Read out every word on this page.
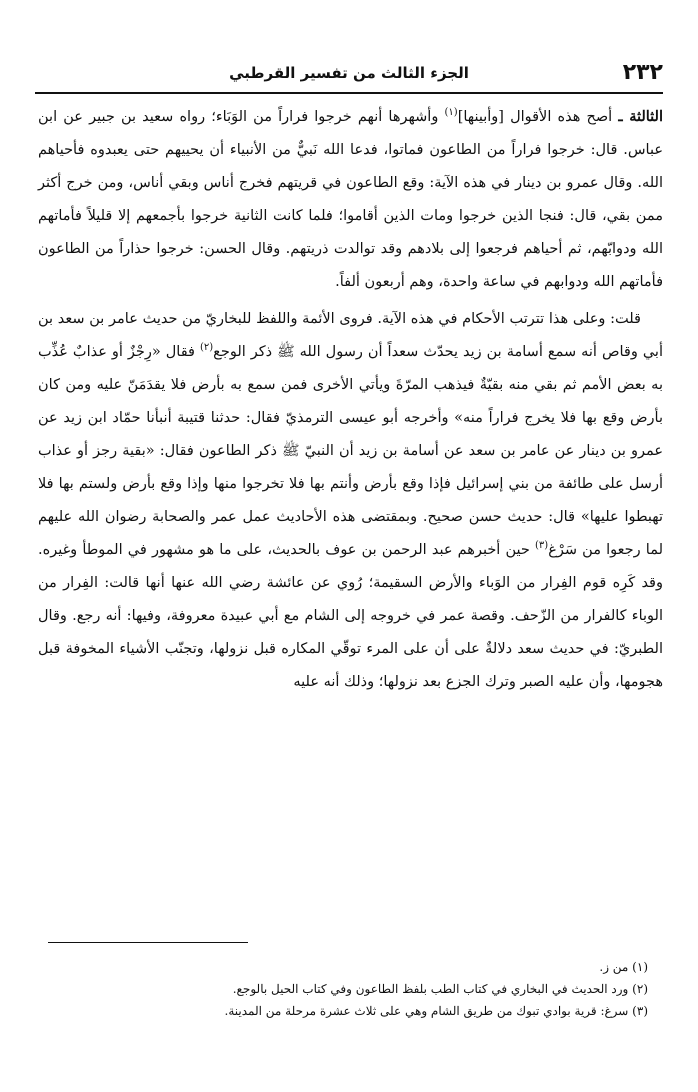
٢٣٢
الجزء الثالث من تفسير القرطبي

الثالثة ـ أصح هذه الأقوال [وأبينها]$^{(١)}$ وأشهرها أنهم خرجوا فراراً من الوَبَاء؛ رواه سعيد بن جبير عن ابن عباس. قال: خرجوا فراراً من الطاعون فماتوا، فدعا الله نَبيٌّ من الأنبياء أن يحييهم حتى يعبدوه فأحياهم الله. وقال عمرو بن دينار في هذه الآية: وقع الطاعون في قريتهم فخرج أناس وبقي أناس، ومن خرج أكثر ممن بقي، قال: فنجا الذين خرجوا ومات الذين أقاموا؛ فلما كانت الثانية خرجوا بأجمعهم إلا قليلاً فأماتهم الله ودوابّهم، ثم أحياهم فرجعوا إلى بلادهم وقد توالدت ذريتهم. وقال الحسن: خرجوا حذاراً من الطاعون فأماتهم الله ودوابهم في ساعة واحدة، وهم أربعون ألفاً.

قلت: وعلى هذا تترتب الأحكام في هذه الآية. فروى الأئمة واللفظ للبخاريّ من حديث عامر بن سعد بن أبي وقاص أنه سمع أسامة بن زيد يحدّث سعداً أن رسول الله ﷺ ذكر الوجع$^{(٢)}$ فقال «رِجْزٌ أو عذابٌ عُذِّب به بعض الأمم ثم بقي منه بقيّةٌ فيذهب المرّةَ ويأتي الأخرى فمن سمع به بأرض فلا يقدَمَنّ عليه ومن كان بأرض وقع بها فلا يخرج فراراً منه» وأخرجه أبو عيسى الترمذيّ فقال: حدثنا قتيبة أنبأنا حمّاد ابن زيد عن عمرو بن دينار عن عامر بن سعد عن أسامة بن زيد أن النبيّ ﷺ ذكر الطاعون فقال: «بقية رجز أو عذاب أرسل على طائفة من بني إسرائيل فإذا وقع بأرض وأنتم بها فلا تخرجوا منها وإذا وقع بأرض ولستم بها فلا تهبطوا عليها» قال: حديث حسن صحيح. وبمقتضى هذه الأحاديث عمل عمر والصحابة رضوان الله عليهم لما رجعوا من سَرْغ$^{(٣)}$ حين أخبرهم عبد الرحمن بن عوف بالحديث، على ما هو مشهور في الموطأ وغيره. وقد كَرِه قوم الفِرار من الوَباء والأرض السقيمة؛ رُوي عن عائشة رضي الله عنها أنها قالت: الفِرار من الوباء كالفرار من الزّحف. وقصة عمر في خروجه إلى الشام مع أبي عبيدة معروفة، وفيها: أنه رجع. وقال الطبريّ: في حديث سعد دلالةٌ على أن على المرء توقّي المكاره قبل نزولها، وتجنّب الأشياء المخوفة قبل هجومها، وأن عليه الصبر وترك الجزع بعد نزولها؛ وذلك أنه عليه

(١) من ز.

(٢) ورد الحديث في البخاري في كتاب الطب بلفظ الطاعون وفي كتاب الحيل بالوجع.

(٣) سرغ: قرية بوادي تبوك من طريق الشام وهي على ثلاث عشرة مرحلة من المدينة.
